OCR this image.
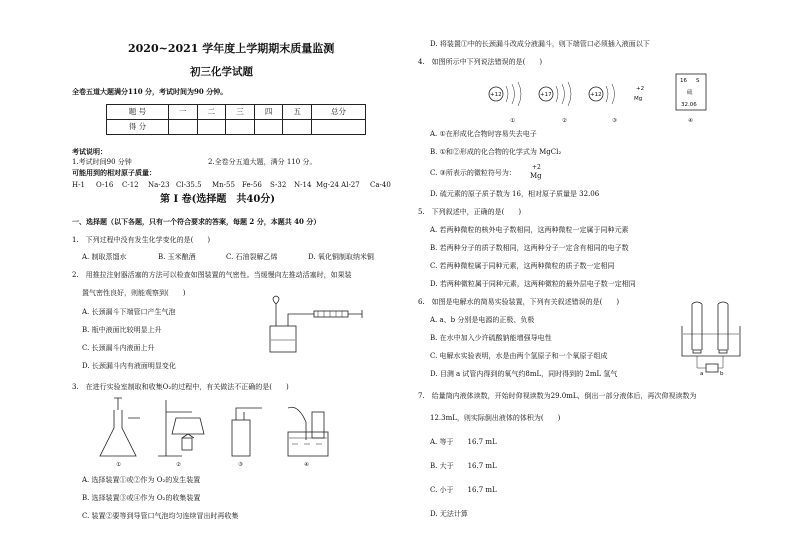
2020~2021 学年度上学期期末质量监测
初三化学试题
全卷五道大题满分110 分，考试时间为90 分钟。
题 号	一	二	三	四	五	总分
得 分						
考试说明：
1.考试时间90 分钟	2.全卷分五道大题，满分 110 分。
可能用到的相对原子质量：
H-1 O-16 C-12 Na-23 Cl-35.5 Mn-55 Fe-56 S-32 N-14 Mg-24 Al-27 Ca-40
第 Ⅰ 卷(选择题　共40分)
一、选择题（以下各题，只有一个符合要求的答案，每题 2 分，本题共 40 分）
1.　下列过程中没有发生化学变化的是(　　)
A. 制取蒸馏水	B. 玉米酿酒	C. 石油裂解乙烯	D. 氧化铜制取纳米铜
2.　用推拉注射器活塞的方法可以检查如图装置的气密性。当缓慢向左推动活塞时，如果装
置气密性良好，则能观察到(　　)
A. 长颈漏斗下端管口产生气泡
B. 瓶中液面比较明显上升
C. 长颈漏斗内液面上升
D. 长颈漏斗内有液面明显变化
3.　在进行实验室制取和收集O₂的过程中，有关做法不正确的是(　　)
①	②	③	④
A. 选择装置①或②作为 O₂的发生装置
B. 选择装置③或④作为 O₂的收集装置
C. 装置②要等到导管口气泡均匀连续冒出时再收集
D. 将装置①中的长颈漏斗改成分液漏斗，则下端管口必须插入液面以下
4.　如图所示中下列说法错误的是(　　)
+12	+17	+12
+2
Mg
16 S
硫
32.06
①	②	③	④
A. ①在形成化合物时容易失去电子
B. ①和②形成的化合物的化学式为 MgCl₂
C. ③所表示的微粒符号为：
+2
Mg
D. 硫元素的原子质子数为 16，相对原子质量是 32.06
5.　下列叙述中，正确的是(　　)
A. 若两种微粒的核外电子数相同，这两种微粒一定属于同种元素
B. 若两种分子的质子数相同，这两种分子一定含有相同的电子数
C. 若两种微粒属于同种元素，这两种微粒的质子数一定相同
D. 若两种微粒属于同种元素，这两种微粒的最外层电子数一定相同
6.　如图是电解水的简易实验装置，下列有关叙述错误的是(　　)
A. a、b 分别是电源的正极、负极
B. 在水中加入少许硫酸钠能增强导电性
C. 电解水实验表明，水是由两个氢原子和一个氧原子组成
D. 目测 a 试管内得到的氧气约8mL，同时得到的 2mL 氢气	a	b
7.　给量筒内液体读数，开始时仰视读数为29.0mL，倒出一部分液体后，再次仰视读数为
12.3mL，则实际倒出液体的体积为(　　)
A. 等于　　16.7 mL
B. 大于　　16.7 mL
C. 小于　　16.7 mL
D. 无法计算
